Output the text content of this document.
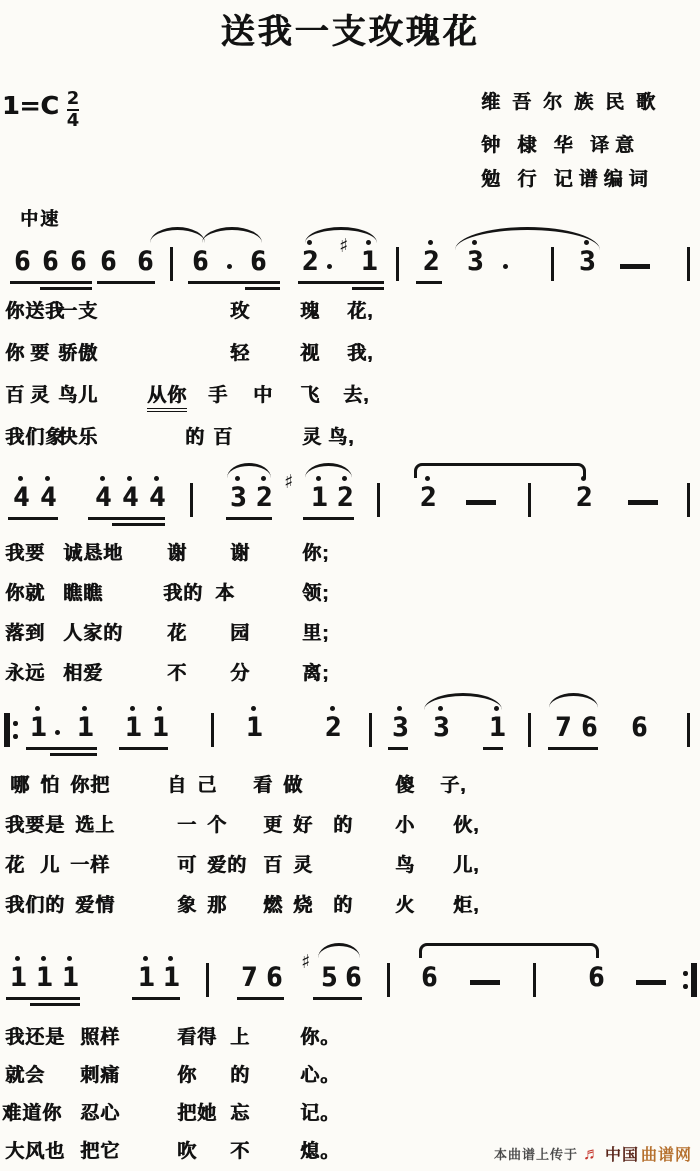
送我一支玫瑰花
$1=C \frac{2}{4}$	维吾尔族民歌
钟 棣 华 译意
勉 行 记谱编词
中速
6 6 6 6 6 6 6 2 ♯ 1 2 3	3
你送我
一支	玫	瑰 花,
你 要 骄傲	轻	视 我,
百 灵 鸟儿	从你 手 中 飞 去,
我们象
快乐	的 百	灵 鸟,
4 4 4 4 4 3 2 ♯ 1 2 2	2
我要 诚恳地 谢 谢	你;
你就 瞧瞧	我的 本	领;
落到 人家的 花 园	里;
永远 相爱	不 分	离;
1 1 1 1	1 2 3 3 1 7 6 6
哪 怕 你把	自 己 看 做	傻 子,
我要是 选上	一 个 更 好 的 小 伙,
花 儿 一样	可 爱的 百 灵	鸟 儿,
我们的 爱情	象 那 燃 烧 的 火 炬,
1 1 1 1 1 7 6 ♯ 5 6 6	6
我还是 照样	看得 上	你。
就会 刺痛	你 的	心。
难道你 忍心	把她 忘	记。
大风也 把它	吹 不	熄。	本曲谱上传于 ♬ 中国 曲谱网
